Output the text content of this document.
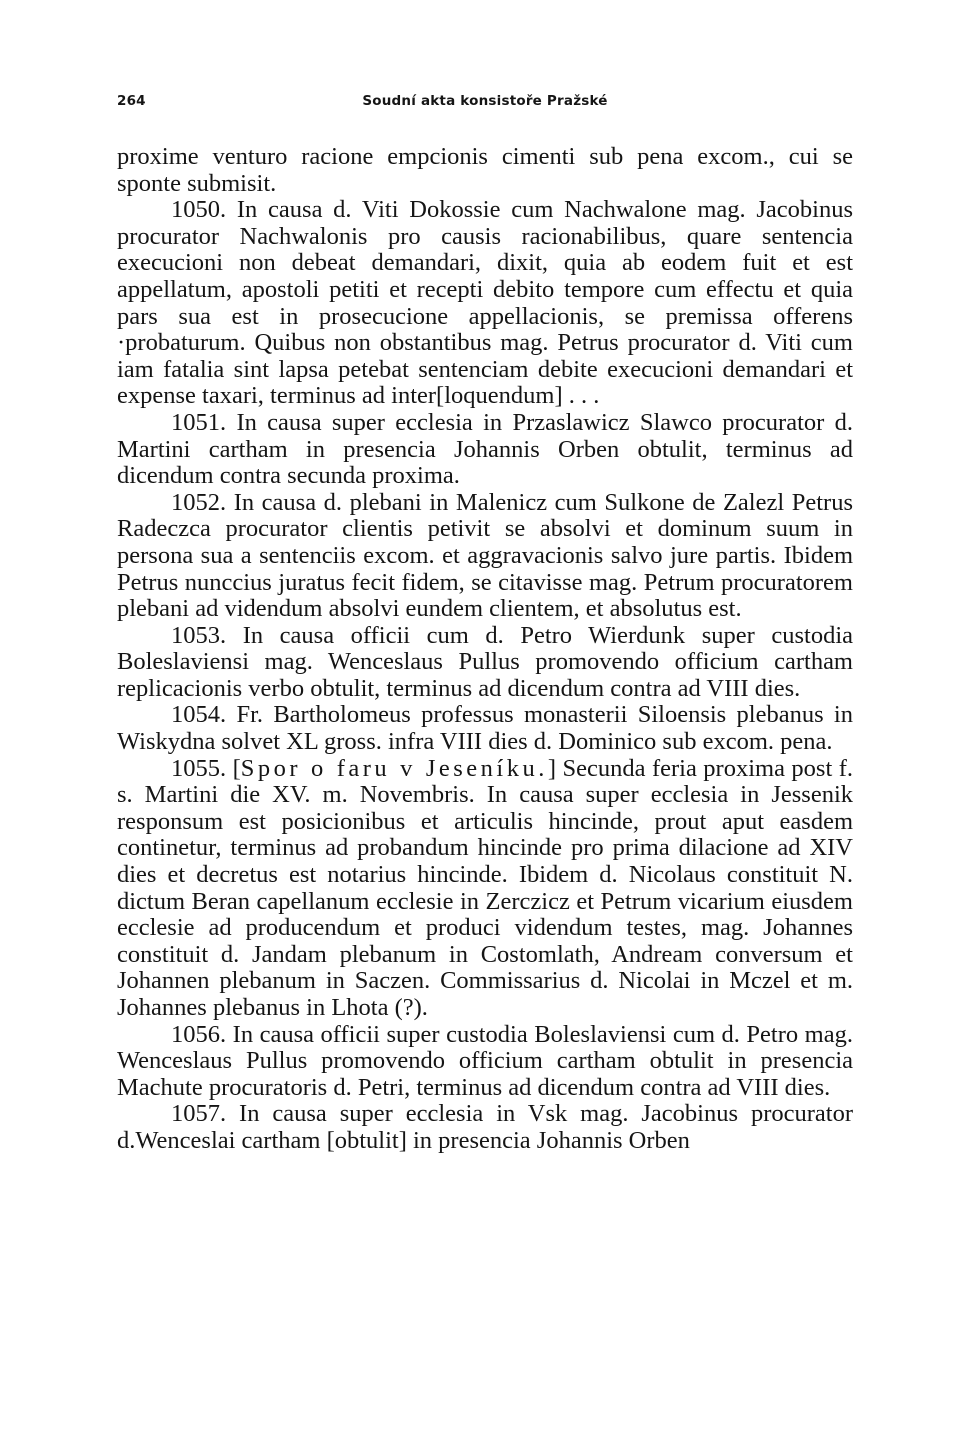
264	Soudní akta konsistoře Pražské

proxime venturo racione empcionis cimenti sub pena excom., cui se sponte submisit.

1050. In causa d. Viti Dokossie cum Nachwalone mag. Jacobinus procurator Nachwalonis pro causis racionabilibus, quare sentencia execucioni non debeat demandari, dixit, quia ab eodem fuit et est appellatum, apostoli petiti et recepti debito tempore cum effectu et quia pars sua est in prosecucione appellacionis, se premissa offerens ·probaturum. Quibus non obstantibus mag. Petrus procurator d. Viti cum iam fatalia sint lapsa petebat sentenciam debite execucioni demandari et expense taxari, terminus ad inter[loquendum] . . .

1051. In causa super ecclesia in Przaslawicz Slawco procurator d. Martini cartham in presencia Johannis Orben obtulit, terminus ad dicendum contra secunda proxima.

1052. In causa d. plebani in Malenicz cum Sulkone de Zalezl Petrus Radeczca procurator clientis petivit se absolvi et dominum suum in persona sua a sentenciis excom. et aggravacionis salvo jure partis. Ibidem Petrus nunccius juratus fecit fidem, se citavisse mag. Petrum procuratorem plebani ad videndum absolvi eundem clientem, et absolutus est.

1053. In causa officii cum d. Petro Wierdunk super custodia Boleslaviensi mag. Wenceslaus Pullus promovendo officium cartham replicacionis verbo obtulit, terminus ad dicendum contra ad VIII dies.

1054. Fr. Bartholomeus professus monasterii Siloensis plebanus in Wiskydna solvet XL gross. infra VIII dies d. Dominico sub excom. pena.

1055. [Spor o faru v Jeseníku.] Secunda feria proxima post f. s. Martini die XV. m. Novembris. In causa super ecclesia in Jessenik responsum est posicionibus et articulis hincinde, prout aput easdem continetur, terminus ad probandum hincinde pro prima dilacione ad XIV dies et decretus est notarius hincinde. Ibidem d. Nicolaus constituit N. dictum Beran capellanum ecclesie in Zerczicz et Petrum vicarium eiusdem ecclesie ad producendum et produci videndum testes, mag. Johannes constituit d. Jandam plebanum in Costomlath, Andream conversum et Johannen plebanum in Saczen. Commissarius d. Nicolai in Mczel et m. Johannes plebanus in Lhota (?).

1056. In causa officii super custodia Boleslaviensi cum d. Petro mag. Wenceslaus Pullus promovendo officium cartham obtulit in presencia Machute procuratoris d. Petri, terminus ad dicendum contra ad VIII dies.

1057. In causa super ecclesia in Vsk mag. Jacobinus procurator d.Wenceslai cartham [obtulit] in presencia Johannis Orben
